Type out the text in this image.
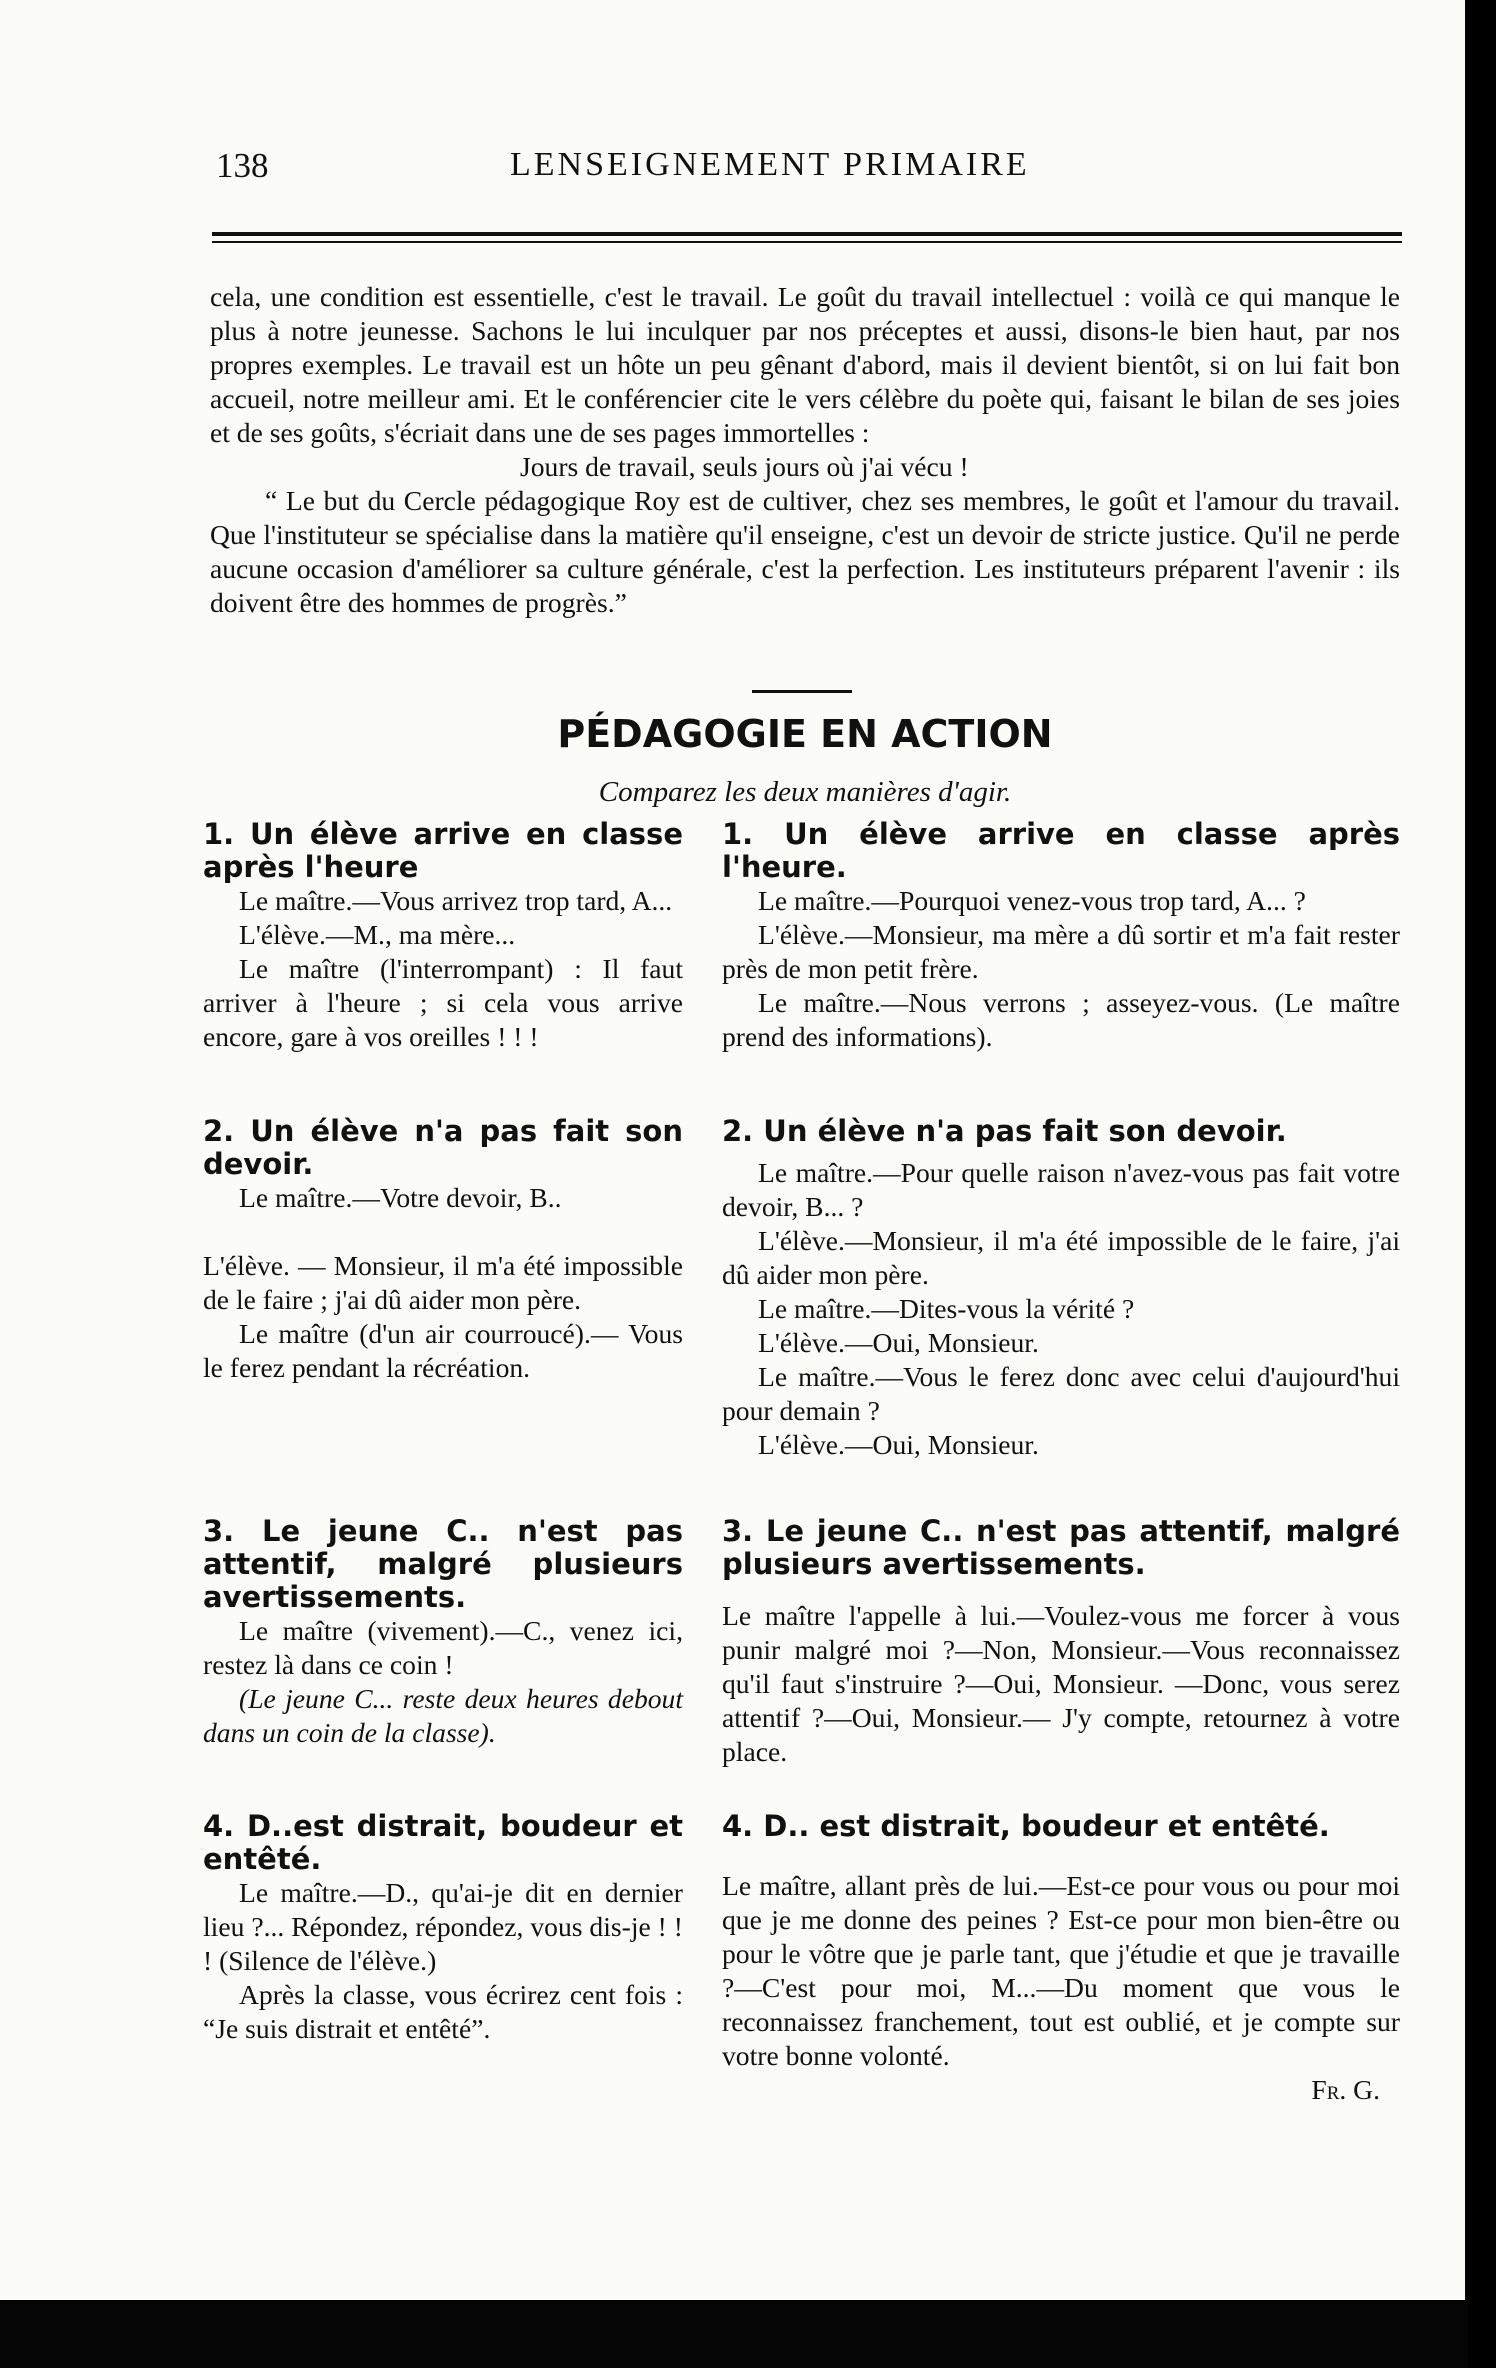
138	LENSEIGNEMENT PRIMAIRE

cela, une condition est essentielle, c'est le travail. Le goût du travail intellectuel : voilà ce qui manque le plus à notre jeunesse. Sachons le lui inculquer par nos préceptes et aussi, disons-le bien haut, par nos propres exemples. Le travail est un hôte un peu gênant d'abord, mais il devient bientôt, si on lui fait bon accueil, notre meilleur ami. Et le conférencier cite le vers célèbre du poète qui, faisant le bilan de ses joies et de ses goûts, s'écriait dans une de ses pages immortelles :

Jours de travail, seuls jours où j'ai vécu !

“ Le but du Cercle pédagogique Roy est de cultiver, chez ses membres, le goût et l'amour du travail. Que l'instituteur se spécialise dans la matière qu'il enseigne, c'est un devoir de stricte justice. Qu'il ne perde aucune occasion d'améliorer sa culture générale, c'est la perfection. Les instituteurs préparent l'avenir : ils doivent être des hommes de progrès.”

PÉDAGOGIE EN ACTION
Comparez les deux manières d'agir.
1. Un élève arrive en classe après l'heure

Le maître.—Vous arrivez trop tard, A...

L'élève.—M., ma mère...

Le maître (l'interrompant) : Il faut arriver à l'heure ; si cela vous arrive encore, gare à vos oreilles ! ! !

2. Un élève n'a pas fait son devoir.

Le maître.—Votre devoir, B..

L'élève. — Monsieur, il m'a été impossible de le faire ; j'ai dû aider mon père.

Le maître (d'un air courroucé).— Vous le ferez pendant la récréation.

3. Le jeune C.. n'est pas attentif, malgré plusieurs avertissements.

Le maître (vivement).—C., venez ici, restez là dans ce coin !

(Le jeune C... reste deux heures debout dans un coin de la classe).

4. D..est distrait, boudeur et entêté.

Le maître.—D., qu'ai-je dit en dernier lieu ?... Répondez, répondez, vous dis-je ! ! ! (Silence de l'élève.)

Après la classe, vous écrirez cent fois : “Je suis distrait et entêté”.

1. Un élève arrive en classe après l'heure.

Le maître.—Pourquoi venez-vous trop tard, A... ?

L'élève.—Monsieur, ma mère a dû sortir et m'a fait rester près de mon petit frère.

Le maître.—Nous verrons ; asseyez-vous. (Le maître prend des informations).

2. Un élève n'a pas fait son devoir.

Le maître.—Pour quelle raison n'avez-vous pas fait votre devoir, B... ?

L'élève.—Monsieur, il m'a été impossible de le faire, j'ai dû aider mon père.

Le maître.—Dites-vous la vérité ?

L'élève.—Oui, Monsieur.

Le maître.—Vous le ferez donc avec celui d'aujourd'hui pour demain ?

L'élève.—Oui, Monsieur.

3. Le jeune C.. n'est pas attentif, malgré plusieurs avertissements.

Le maître l'appelle à lui.—Voulez-vous me forcer à vous punir malgré moi ?—Non, Monsieur.—Vous reconnaissez qu'il faut s'instruire ?—Oui, Monsieur. —Donc, vous serez attentif ?—Oui, Monsieur.— J'y compte, retournez à votre place.

4. D.. est distrait, boudeur et entêté.

Le maître, allant près de lui.—Est-ce pour vous ou pour moi que je me donne des peines ? Est-ce pour mon bien-être ou pour le vôtre que je parle tant, que j'étudie et que je travaille ?—C'est pour moi, M...—Du moment que vous le reconnaissez franchement, tout est oublié, et je compte sur votre bonne volonté.

Fr. G.
